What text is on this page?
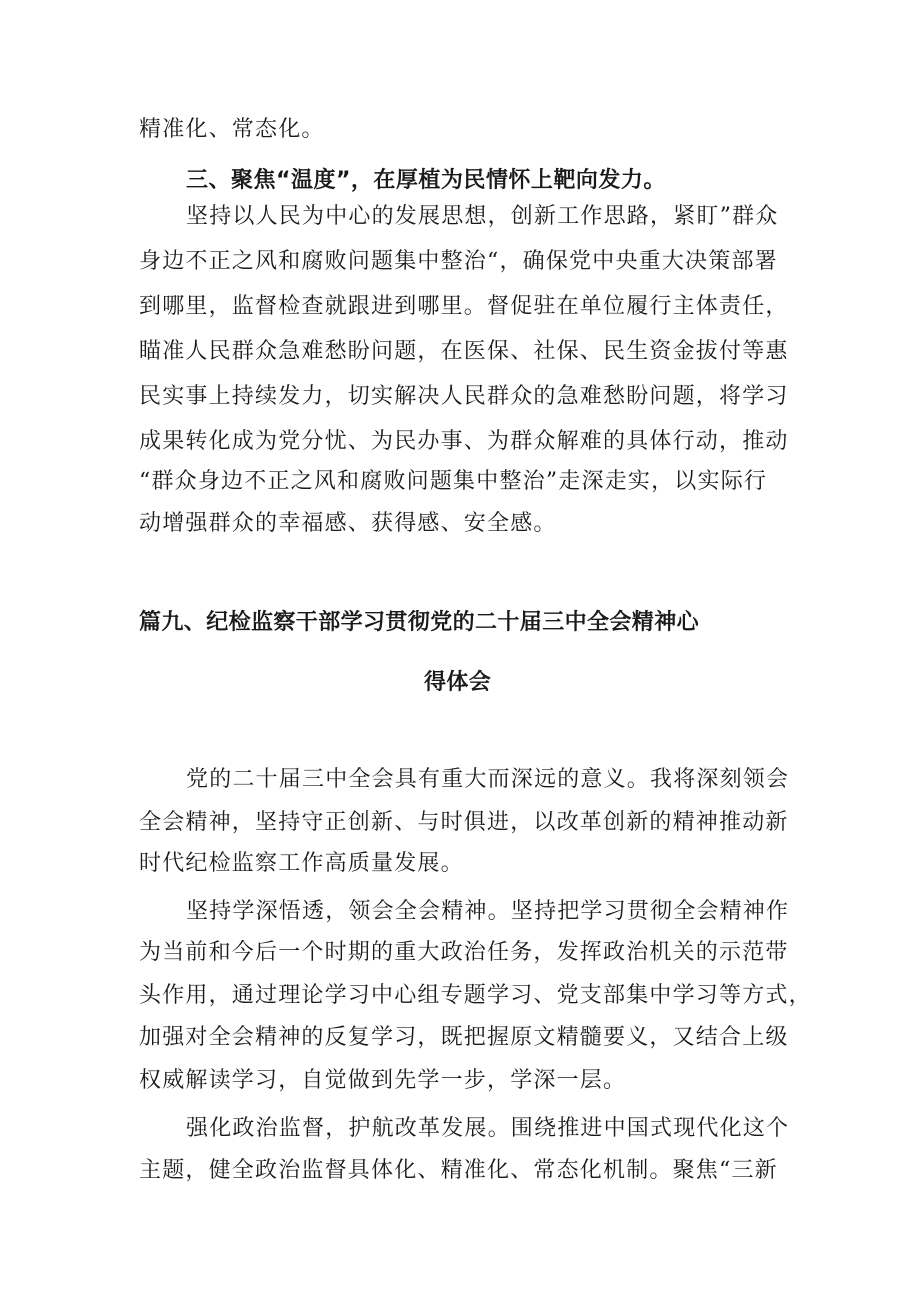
精准化、常态化。
三、聚焦“温度”，在厚植为民情怀上靶向发力。
坚持以人民为中心的发展思想，创新工作思路，紧盯”群众
身边不正之风和腐败问题集中整治“，确保党中央重大决策部署
到哪里，监督检查就跟进到哪里。督促驻在单位履行主体责任，
瞄准人民群众急难愁盼问题，在医保、社保、民生资金拔付等惠
民实事上持续发力，切实解决人民群众的急难愁盼问题，将学习
成果转化成为党分忧、为民办事、为群众解难的具体行动，推动
“群众身边不正之风和腐败问题集中整治”走深走实，以实际行
动增强群众的幸福感、获得感、安全感。
篇九、纪检监察干部学习贯彻党的二十届三中全会精神心
得体会
党的二十届三中全会具有重大而深远的意义。我将深刻领会
全会精神，坚持守正创新、与时俱进，以改革创新的精神推动新
时代纪检监察工作高质量发展。
坚持学深悟透，领会全会精神。坚持把学习贯彻全会精神作
为当前和今后一个时期的重大政治任务，发挥政治机关的示范带
头作用，通过理论学习中心组专题学习、党支部集中学习等方式，
加强对全会精神的反复学习，既把握原文精髓要义，又结合上级
权威解读学习，自觉做到先学一步，学深一层。
强化政治监督，护航改革发展。围绕推进中国式现代化这个
主题，健全政治监督具体化、精准化、常态化机制。聚焦“三新
